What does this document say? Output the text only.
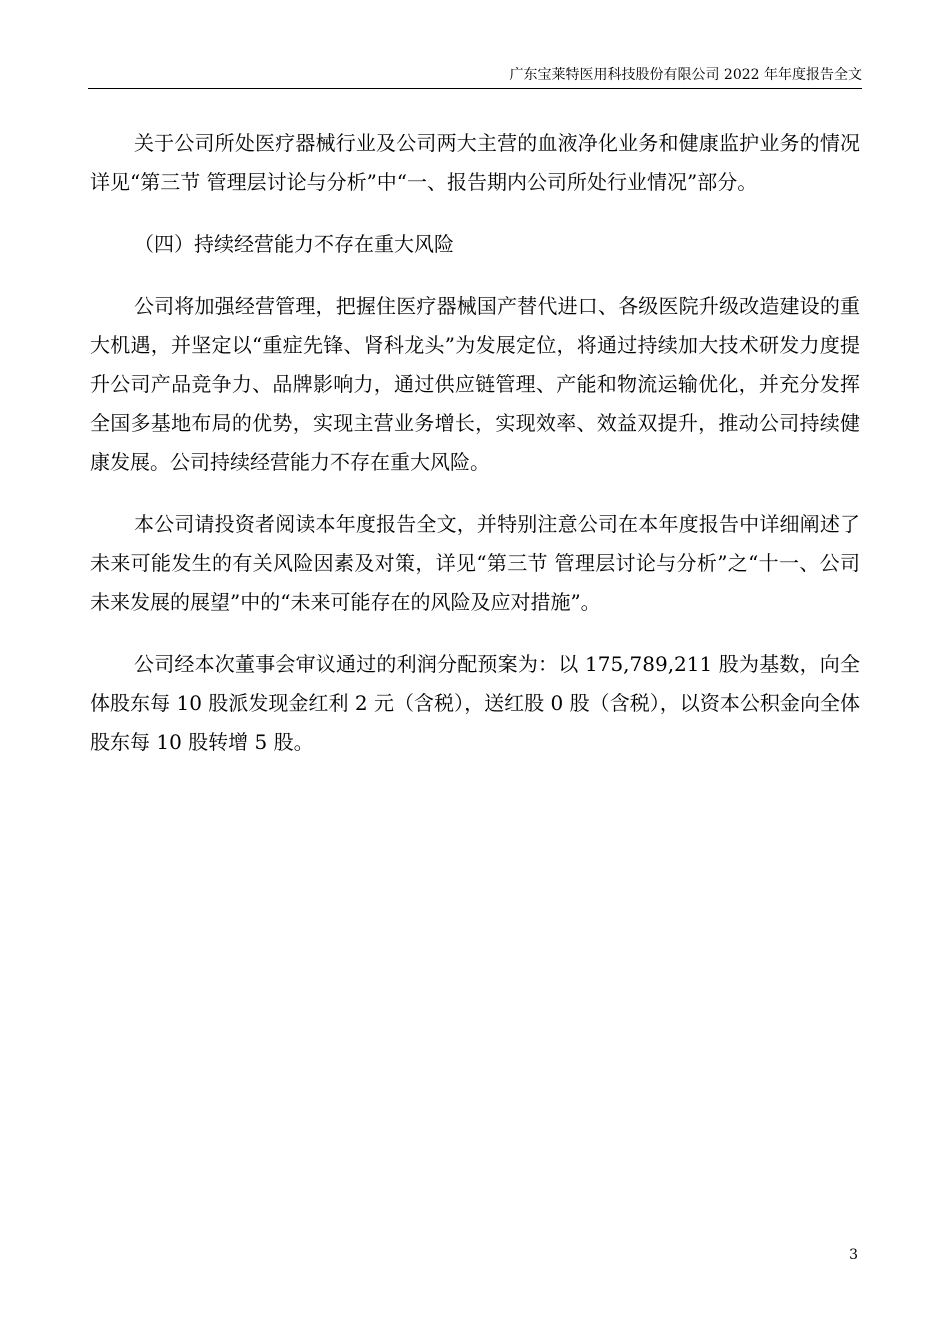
广东宝莱特医用科技股份有限公司 2022 年年度报告全文

关于公司所处医疗器械行业及公司两大主营的血液净化业务和健康监护业务的情况详见“第三节 管理层讨论与分析”中“一、报告期内公司所处行业情况”部分。

（四）持续经营能力不存在重大风险

公司将加强经营管理，把握住医疗器械国产替代进口、各级医院升级改造建设的重大机遇，并坚定以“重症先锋、肾科龙头”为发展定位，将通过持续加大技术研发力度提升公司产品竞争力、品牌影响力，通过供应链管理、产能和物流运输优化，并充分发挥全国多基地布局的优势，实现主营业务增长，实现效率、效益双提升，推动公司持续健康发展。公司持续经营能力不存在重大风险。

本公司请投资者阅读本年度报告全文，并特别注意公司在本年度报告中详细阐述了未来可能发生的有关风险因素及对策，详见“第三节 管理层讨论与分析”之“十一、公司未来发展的展望”中的“未来可能存在的风险及应对措施”。

公司经本次董事会审议通过的利润分配预案为：以 175,789,211 股为基数，向全体股东每 10 股派发现金红利 2 元（含税），送红股 0 股（含税），以资本公积金向全体股东每 10 股转增 5 股。

3
